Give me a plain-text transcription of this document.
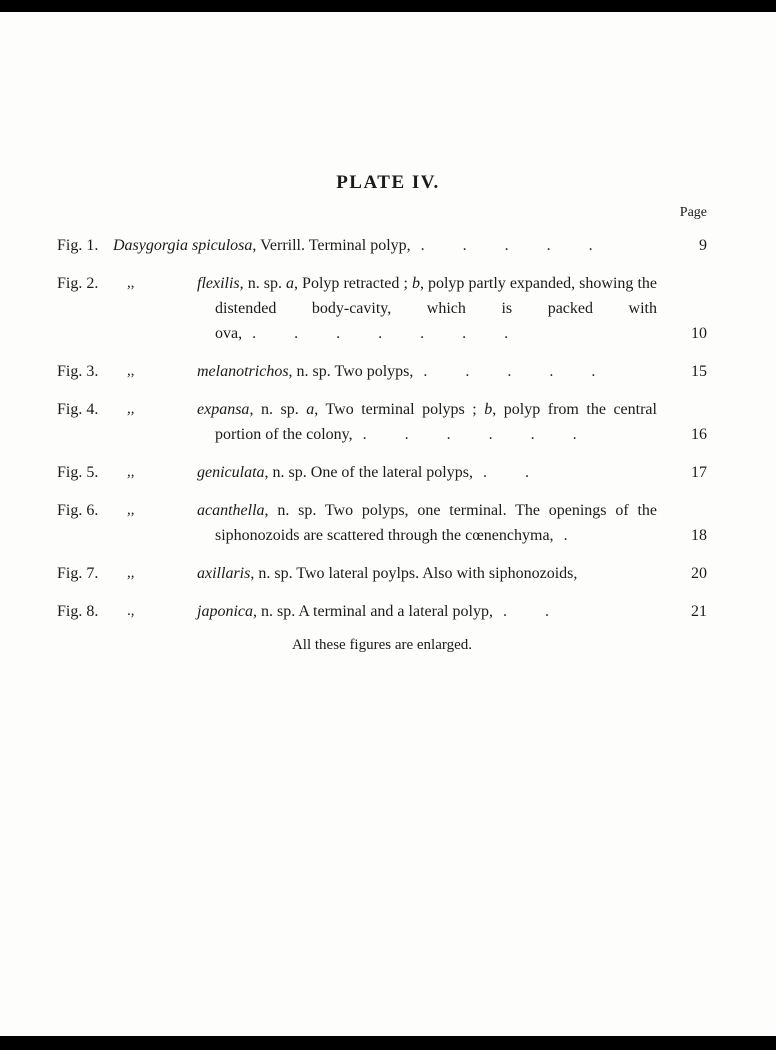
PLATE IV.
Page
Fig. 1. Dasygorgia spiculosa, Verrill. Terminal polyp, . . . . .	9
Fig. 2.	,,	flexilis, n. sp. a, Polyp retracted ; b, polyp partly expanded, showing the distended body-cavity, which is packed with ova, . . . . . . .	10
Fig. 3.	,,	melanotrichos, n. sp. Two polyps, . . . . .	15
Fig. 4.	,,	expansa, n. sp. a, Two terminal polyps ; b, polyp from the central portion of the colony, . . . . . .	16
Fig. 5.	,,	geniculata, n. sp. One of the lateral polyps, . .	17
Fig. 6.	,,	acanthella, n. sp. Two polyps, one terminal. The openings of the siphonozoids are scattered through the cœnenchyma, .	18
Fig. 7.	,,	axillaris, n. sp. Two lateral poylps. Also with siphonozoids,	20
Fig. 8.	.,	japonica, n. sp. A terminal and a lateral polyp, . .	21
All these figures are enlarged.
